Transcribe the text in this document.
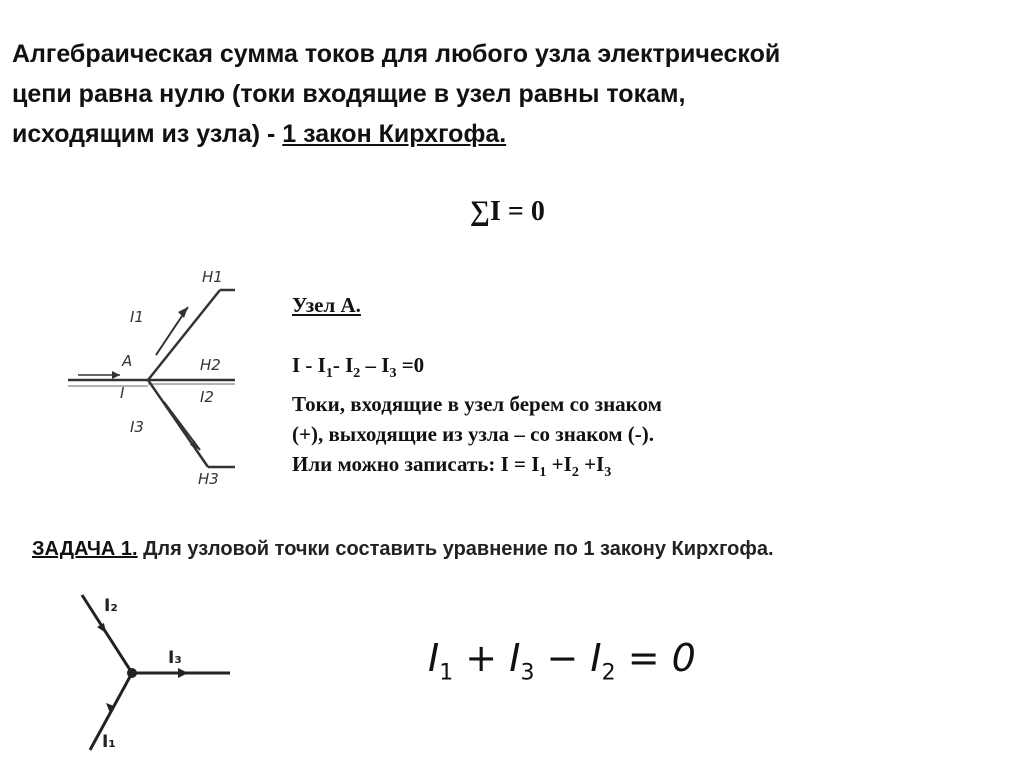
Алгебраическая сумма токов для любого узла электрической
цепи равна нулю (токи входящие в узел равны токам,
исходящим из узла) - 1 закон Кирхгофа.
∑I = 0
H1
H2
H3
I1
I2
I3
I
A
Узел А.
I - $I_1-$ $I_2 - I_3 =0$
Токи, входящие в узел берем со знаком
(+), выходящие из узла – со знаком (-).
Или можно записать: $I = I_1 +I_2 +I_3$
ЗАДАЧА 1. Для узловой точки составить уравнение по 1 закону Кирхгофа.
I₂
I₃
I₁
$I_1 + I_3 - I_2 = 0$
